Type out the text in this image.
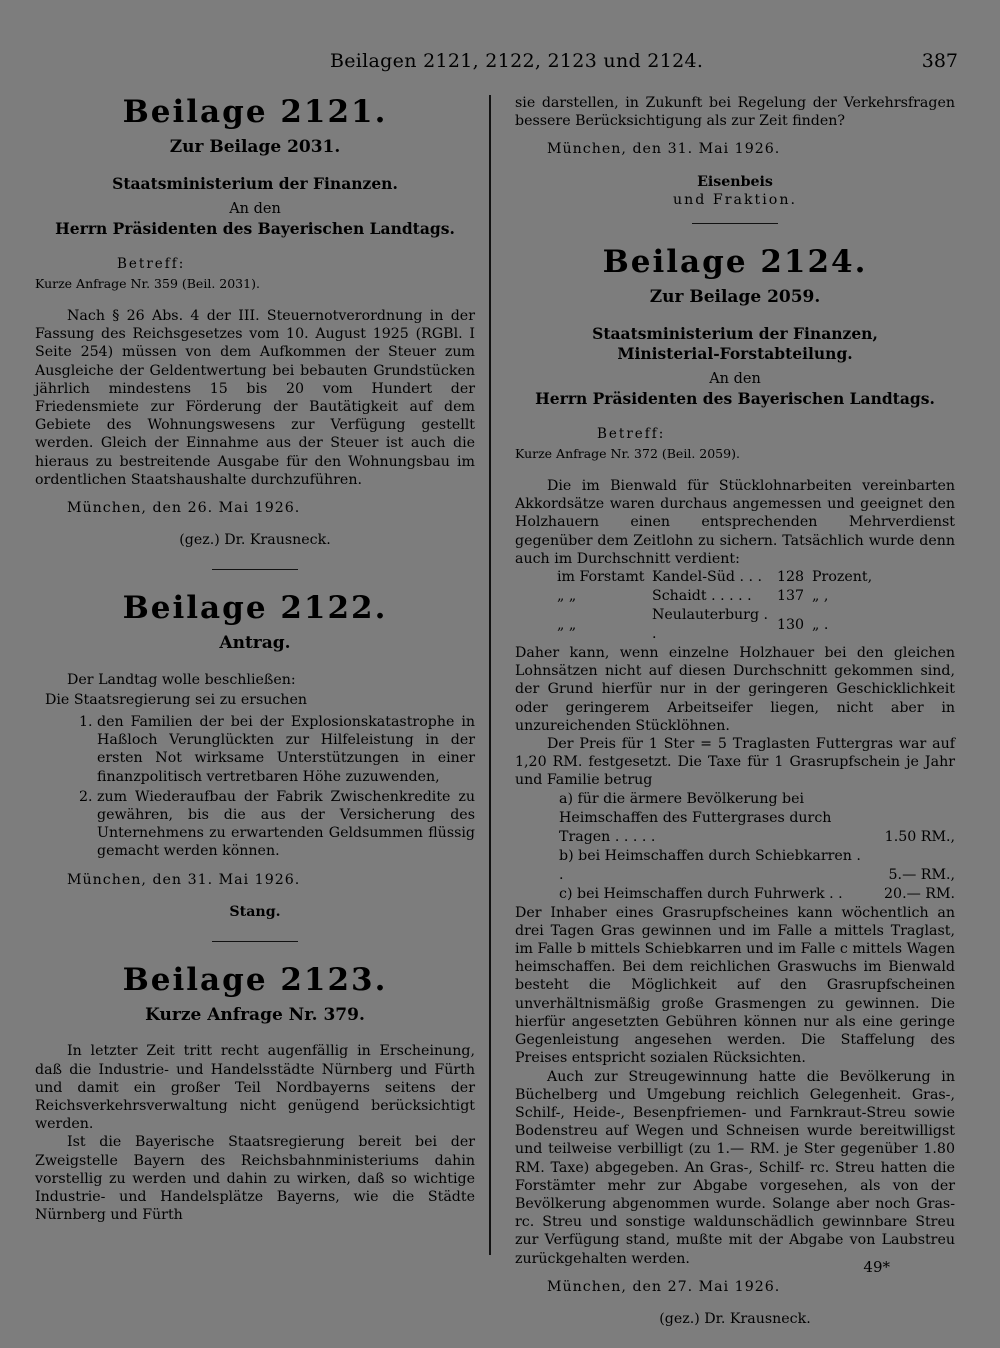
Beilagen 2121, 2122, 2123 und 2124.	387
Beilage 2121.
Zur Beilage 2031.
Staatsministerium der Finanzen.
An den
Herrn Präsidenten des Bayerischen Landtags.
Betreff:
Kurze Anfrage Nr. 359 (Beil. 2031).

Nach § 26 Abs. 4 der III. Steuernotverordnung in der Fassung des Reichsgesetzes vom 10. August 1925 (RGBl. I Seite 254) müssen von dem Aufkommen der Steuer zum Ausgleiche der Geldentwertung bei bebauten Grundstücken jährlich mindestens 15 bis 20 vom Hundert der Friedensmiete zur Förderung der Bautätigkeit auf dem Gebiete des Wohnungswesens zur Verfügung gestellt werden. Gleich der Einnahme aus der Steuer ist auch die hieraus zu bestreitende Ausgabe für den Wohnungsbau im ordentlichen Staatshaushalte durchzuführen.

München, den 26. Mai 1926.
(gez.) Dr. Krausneck.
Beilage 2122.
Antrag.

Der Landtag wolle beschließen:

Die Staatsregierung sei zu ersuchen

1. den Familien der bei der Explosionskatastrophe in Haßloch Verunglückten zur Hilfeleistung in der ersten Not wirksame Unterstützungen in einer finanzpolitisch vertretbaren Höhe zuzuwenden,
2. zum Wiederaufbau der Fabrik Zwischenkredite zu gewähren, bis die aus der Versicherung des Unternehmens zu erwartenden Geldsummen flüssig gemacht werden können.
München, den 31. Mai 1926.
Stang.
Beilage 2123.
Kurze Anfrage Nr. 379.

In letzter Zeit tritt recht augenfällig in Erscheinung, daß die Industrie- und Handelsstädte Nürnberg und Fürth und damit ein großer Teil Nordbayerns seitens der Reichsverkehrsverwaltung nicht genügend berücksichtigt werden.

Ist die Bayerische Staatsregierung bereit bei der Zweigstelle Bayern des Reichsbahnministeriums dahin vorstellig zu werden und dahin zu wirken, daß so wichtige Industrie- und Handelsplätze Bayerns, wie die Städte Nürnberg und Fürth

sie darstellen, in Zukunft bei Regelung der Verkehrsfragen bessere Berücksichtigung als zur Zeit finden?

München, den 31. Mai 1926.
Eisenbeis
und Fraktion.
Beilage 2124.
Zur Beilage 2059.
Staatsministerium der Finanzen,
Ministerial-Forstabteilung.
An den
Herrn Präsidenten des Bayerischen Landtags.
Betreff:
Kurze Anfrage Nr. 372 (Beil. 2059).

Die im Bienwald für Stücklohnarbeiten vereinbarten Akkordsätze waren durchaus angemessen und geeignet den Holzhauern einen entsprechenden Mehrverdienst gegenüber dem Zeitlohn zu sichern. Tatsächlich wurde denn auch im Durchschnitt verdient:

im Forstamt	Kandel-Süd . . .	128	Prozent,
„ „	Schaidt . . . . .	137	„ ,
„ „	Neulauterburg . .	130	„ .

Daher kann, wenn einzelne Holzhauer bei den gleichen Lohnsätzen nicht auf diesen Durchschnitt gekommen sind, der Grund hierfür nur in der geringeren Geschicklichkeit oder geringerem Arbeitseifer liegen, nicht aber in unzureichenden Stücklöhnen.

Der Preis für 1 Ster = 5 Traglasten Futtergras war auf 1,20 RM. festgesetzt. Die Taxe für 1 Grasrupfschein je Jahr und Familie betrug

a) für die ärmere Bevölkerung bei Heimschaffen des Futtergrases durch Tragen . . . . .	1.50 RM.,
b) bei Heimschaffen durch Schiebkarren . .	5.— RM.,
c) bei Heimschaffen durch Fuhrwerk . .	20.— RM.

Der Inhaber eines Grasrupfscheines kann wöchentlich an drei Tagen Gras gewinnen und im Falle a mittels Traglast, im Falle b mittels Schiebkarren und im Falle c mittels Wagen heimschaffen. Bei dem reichlichen Graswuchs im Bienwald besteht die Möglichkeit auf den Grasrupfscheinen unverhältnismäßig große Grasmengen zu gewinnen. Die hierfür angesetzten Gebühren können nur als eine geringe Gegenleistung angesehen werden. Die Staffelung des Preises entspricht sozialen Rücksichten.

Auch zur Streugewinnung hatte die Bevölkerung in Büchelberg und Umgebung reichlich Gelegenheit. Gras-, Schilf-, Heide-, Besenpfriemen- und Farnkraut-Streu sowie Bodenstreu auf Wegen und Schneisen wurde bereitwilligst und teilweise verbilligt (zu 1.— RM. je Ster gegenüber 1.80 RM. Taxe) abgegeben. An Gras-, Schilf- rc. Streu hatten die Forstämter mehr zur Abgabe vorgesehen, als von der Bevölkerung abgenommen wurde. Solange aber noch Gras- rc. Streu und sonstige waldunschädlich gewinnbare Streu zur Verfügung stand, mußte mit der Abgabe von Laubstreu zurückgehalten werden.

München, den 27. Mai 1926.
(gez.) Dr. Krausneck.
49*
